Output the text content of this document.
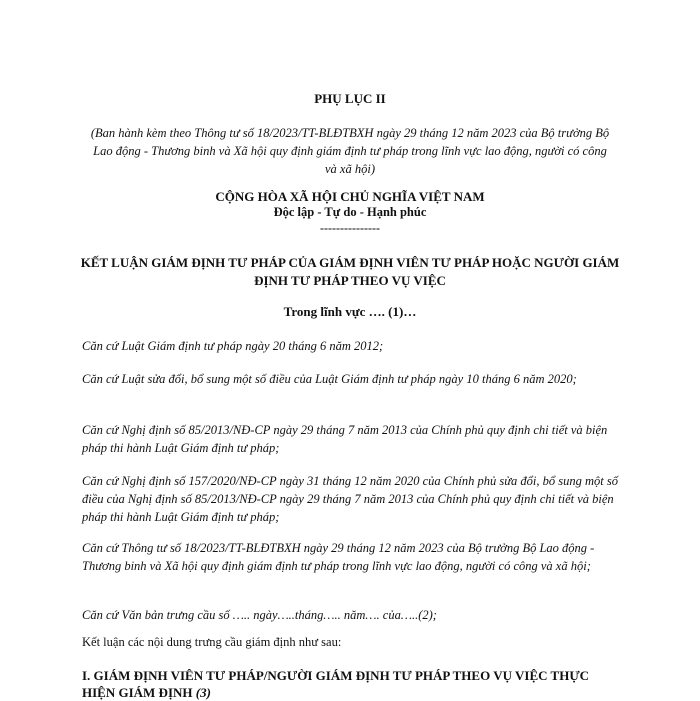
PHỤ LỤC II
(Ban hành kèm theo Thông tư số 18/2023/TT-BLĐTBXH ngày 29 tháng 12 năm 2023 của Bộ trưởng Bộ Lao động - Thương binh và Xã hội quy định giám định tư pháp trong lĩnh vực lao động, người có công và xã hội)
CỘNG HÒA XÃ HỘI CHỦ NGHĨA VIỆT NAM
Độc lập - Tự do - Hạnh phúc
---------------
KẾT LUẬN GIÁM ĐỊNH TƯ PHÁP CỦA GIÁM ĐỊNH VIÊN TƯ PHÁP HOẶC NGƯỜI GIÁM ĐỊNH TƯ PHÁP THEO VỤ VIỆC
Trong lĩnh vực …. (1)…
Căn cứ Luật Giám định tư pháp ngày 20 tháng 6 năm 2012;
Căn cứ Luật sửa đổi, bổ sung một số điều của Luật Giám định tư pháp ngày 10 tháng 6 năm 2020;
Căn cứ Nghị định số 85/2013/NĐ-CP ngày 29 tháng 7 năm 2013 của Chính phủ quy định chi tiết và biện pháp thi hành Luật Giám định tư pháp;
Căn cứ Nghị định số 157/2020/NĐ-CP ngày 31 tháng 12 năm 2020 của Chính phủ sửa đổi, bổ sung một số điều của Nghị định số 85/2013/NĐ-CP ngày 29 tháng 7 năm 2013 của Chính phủ quy định chi tiết và biện pháp thi hành Luật Giám định tư pháp;
Căn cứ Thông tư số 18/2023/TT-BLĐTBXH ngày 29 tháng 12 năm 2023 của Bộ trưởng Bộ Lao động - Thương binh và Xã hội quy định giám định tư pháp trong lĩnh vực lao động, người có công và xã hội;
Căn cứ Văn bản trưng cầu số ….. ngày…..tháng….. năm…. của…..(2);
Kết luận các nội dung trưng cầu giám định như sau:
I. GIÁM ĐỊNH VIÊN TƯ PHÁP/NGƯỜI GIÁM ĐỊNH TƯ PHÁP THEO VỤ VIỆC THỰC HIỆN GIÁM ĐỊNH (3)
